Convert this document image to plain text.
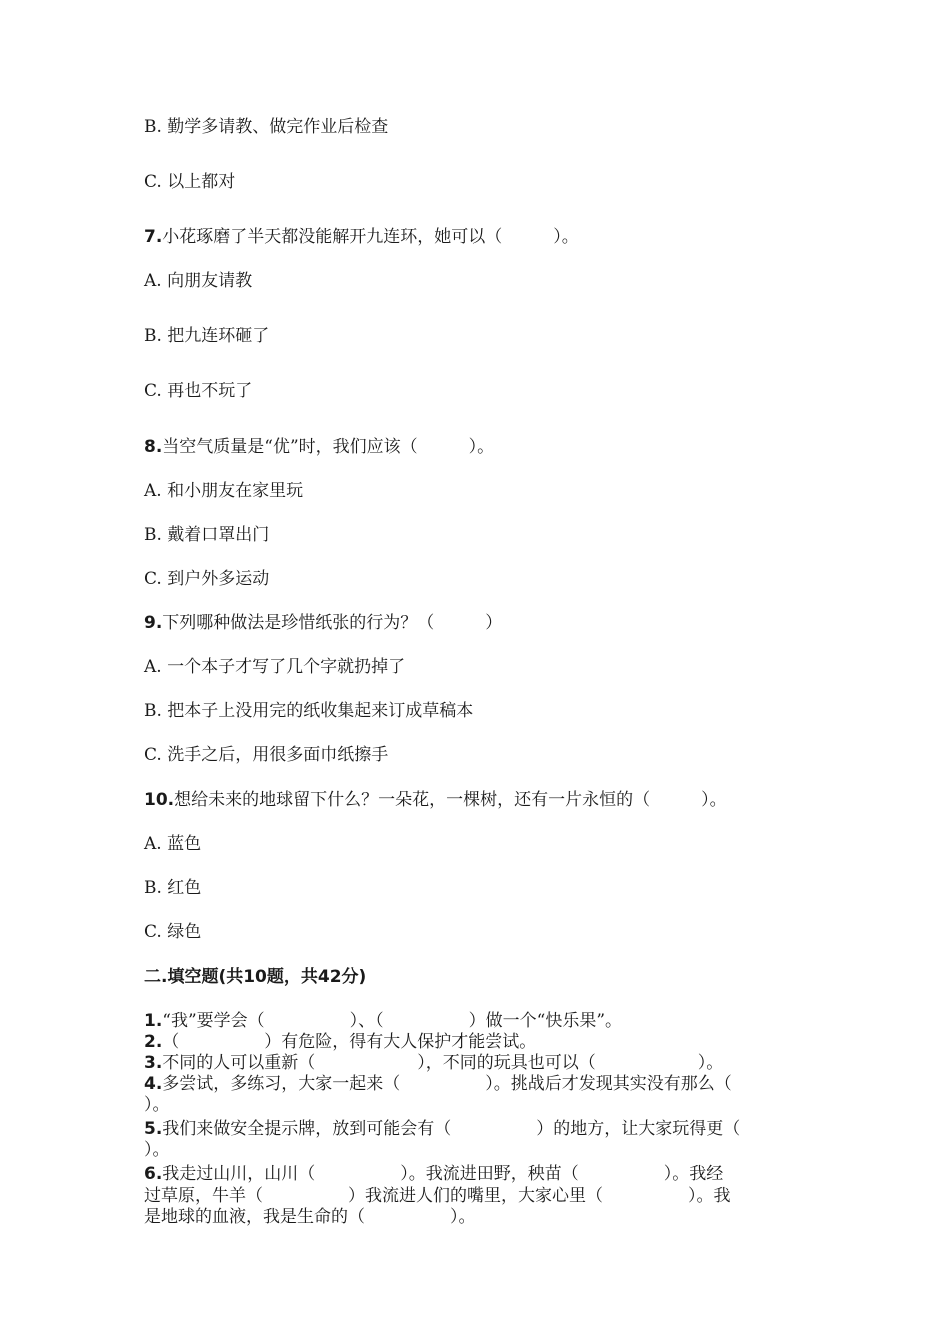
B. 勤学多请教、做完作业后检查
C. 以上都对
7.小花琢磨了半天都没能解开九连环，她可以（　　　）。
A. 向朋友请教
B. 把九连环砸了
C. 再也不玩了
8.当空气质量是“优”时，我们应该（　　　）。
A. 和小朋友在家里玩
B. 戴着口罩出门
C. 到户外多运动
9.下列哪种做法是珍惜纸张的行为？（　　　）
A. 一个本子才写了几个字就扔掉了
B. 把本子上没用完的纸收集起来订成草稿本
C. 洗手之后，用很多面巾纸擦手
10.想给未来的地球留下什么？一朵花，一棵树，还有一片永恒的（　　　）。
A. 蓝色
B. 红色
C. 绿色
二.填空题(共10题，共42分)
1.“我”要学会（　　　　　）、（　　　　　）做一个“快乐果”。
2.（　　　　　）有危险，得有大人保护才能尝试。
3.不同的人可以重新（　　　　　　），不同的玩具也可以（　　　　　　）。
4.多尝试，多练习，大家一起来（　　　　　）。挑战后才发现其实没有那么（
）。
5.我们来做安全提示牌，放到可能会有（　　　　　）的地方，让大家玩得更（
）。
6.我走过山川，山川（　　　　　）。我流进田野，秧苗（　　　　　）。我经
过草原，牛羊（　　　　　）我流进人们的嘴里，大家心里（　　　　　）。我
是地球的血液，我是生命的（　　　　　）。
